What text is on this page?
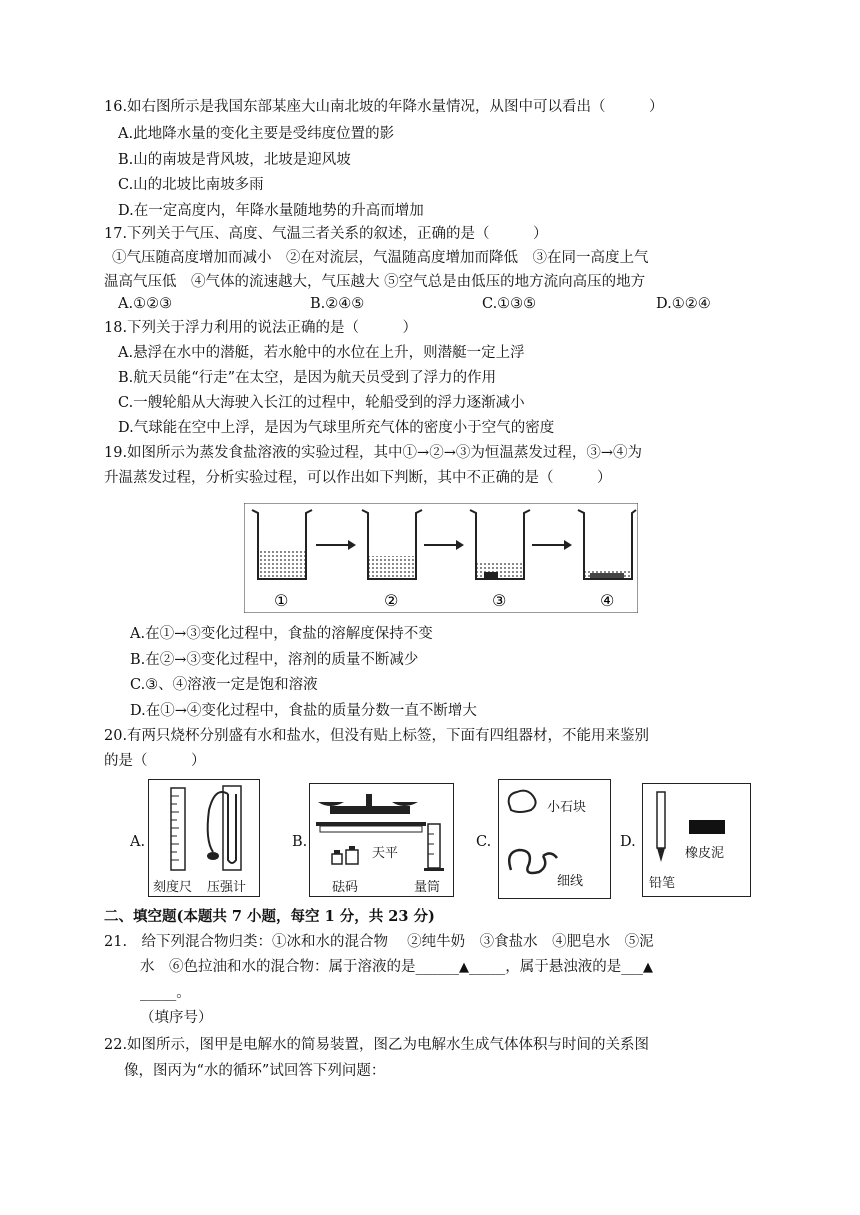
16.如右图所示是我国东部某座大山南北坡的年降水量情况，从图中可以看出（　　　）
A.此地降水量的变化主要是受纬度位置的影
B.山的南坡是背风坡，北坡是迎风坡
C.山的北坡比南坡多雨
D.在一定高度内，年降水量随地势的升高而增加
17.下列关于气压、高度、气温三者关系的叙述，正确的是（　　　）
①气压随高度增加而减小　②在对流层，气温随高度增加而降低　③在同一高度上气
温高气压低　④气体的流速越大，气压越大 ⑤空气总是由低压的地方流向高压的地方
A.①②③	B.②④⑤	C.①③⑤	D.①②④
18.下列关于浮力利用的说法正确的是（　　　）
A.悬浮在水中的潜艇，若水舱中的水位在上升，则潜艇一定上浮
B.航天员能“行走”在太空，是因为航天员受到了浮力的作用
C.一艘轮船从大海驶入长江的过程中，轮船受到的浮力逐渐减小
D.气球能在空中上浮，是因为气球里所充气体的密度小于空气的密度
19.如图所示为蒸发食盐溶液的实验过程，其中①→②→③为恒温蒸发过程，③→④为
升温蒸发过程，分析实验过程，可以作出如下判断，其中不正确的是（　　　）
①	②	③	④
A.在①→③变化过程中，食盐的溶解度保持不变
B.在②→③变化过程中，溶剂的质量不断减少
C.③、④溶液一定是饱和溶液
D.在①→④变化过程中，食盐的质量分数一直不断增大
20.有两只烧杯分别盛有水和盐水，但没有贴上标签，下面有四组器材，不能用来鉴别
的是（　　　）
A.
刻度尺 压强计
B.
天平
砝码	量筒
C.
小石块
细线
D.
橡皮泥
铅笔
二、填空题(本题共 7 小题，每空 1 分，共 23 分)
21.　给下列混合物归类：①冰和水的混合物　 ②纯牛奶　③食盐水　④肥皂水　⑤泥
水　⑥色拉油和水的混合物：属于溶液的是______▲_____，属于悬浊液的是___▲
_____。
（填序号）
22.如图所示，图甲是电解水的简易装置，图乙为电解水生成气体体积与时间的关系图
像，图丙为“水的循环”试回答下列问题：
